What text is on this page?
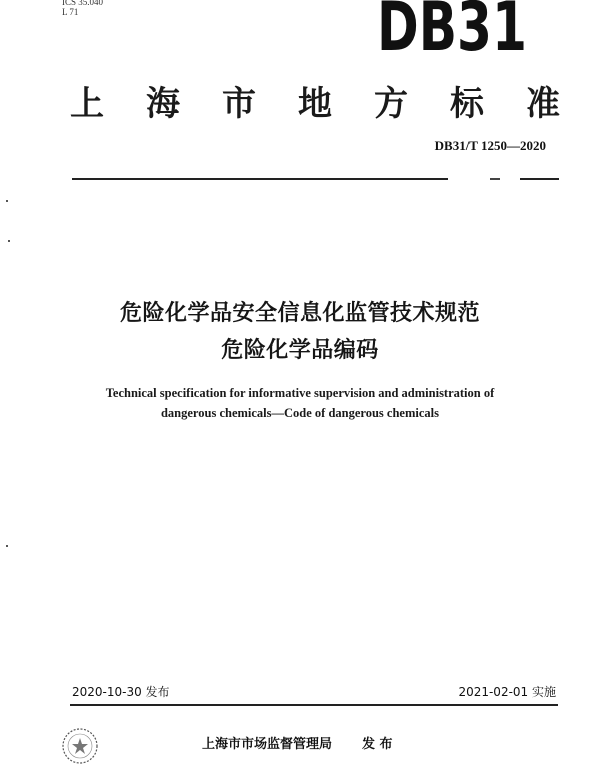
ICS 35.040
L 71	DB31
上 海 市 地 方 标 准
DB31/T 1250—2020
危险化学品安全信息化监管技术规范
危险化学品编码
Technical specification for informative supervision and administration of
dangerous chemicals—Code of dangerous chemicals
2020-10-30 发布	2021-02-01 实施
上海市市场监督管理局 发 布
